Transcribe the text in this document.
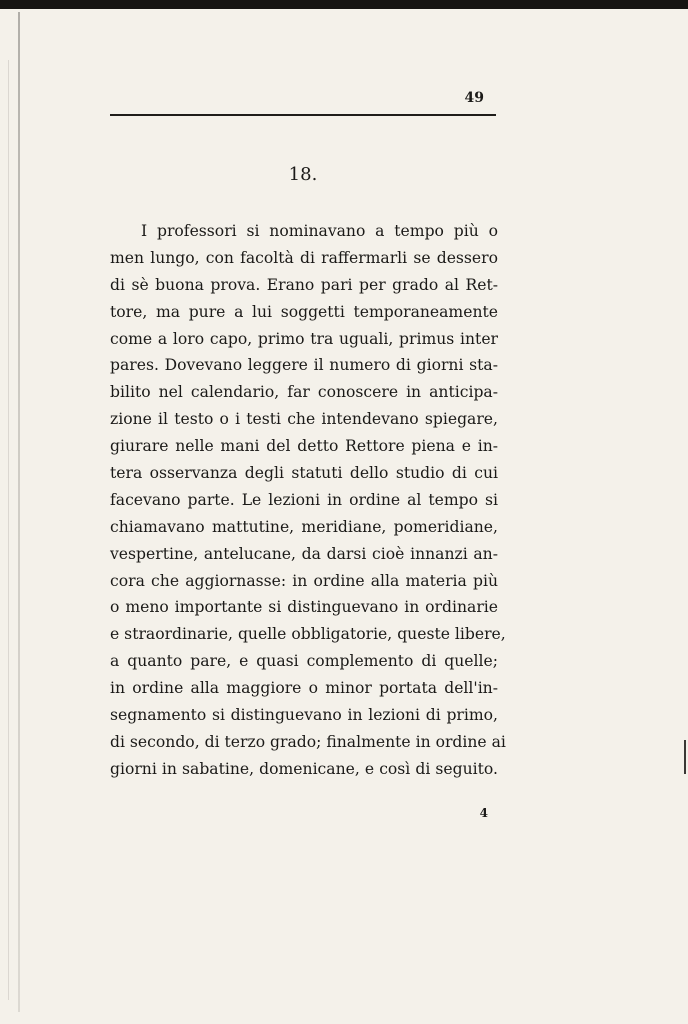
49
18.
I professori si nominavano a tempo più o
men lungo, con facoltà di raffermarli se dessero
di sè buona prova. Erano pari per grado al Ret-
tore, ma pure a lui soggetti temporaneamente
come a loro capo, primo tra uguali, primus inter
pares. Dovevano leggere il numero di giorni sta-
bilito nel calendario, far conoscere in anticipa-
zione il testo o i testi che intendevano spiegare,
giurare nelle mani del detto Rettore piena e in-
tera osservanza degli statuti dello studio di cui
facevano parte. Le lezioni in ordine al tempo si
chiamavano mattutine, meridiane, pomeridiane,
vespertine, antelucane, da darsi cioè innanzi an-
cora che aggiornasse: in ordine alla materia più
o meno importante si distinguevano in ordinarie
e straordinarie, quelle obbligatorie, queste libere,
a quanto pare, e quasi complemento di quelle;
in ordine alla maggiore o minor portata dell'in-
segnamento si distinguevano in lezioni di primo,
di secondo, di terzo grado; finalmente in ordine ai
giorni in sabatine, domenicane, e così di seguito.
4
